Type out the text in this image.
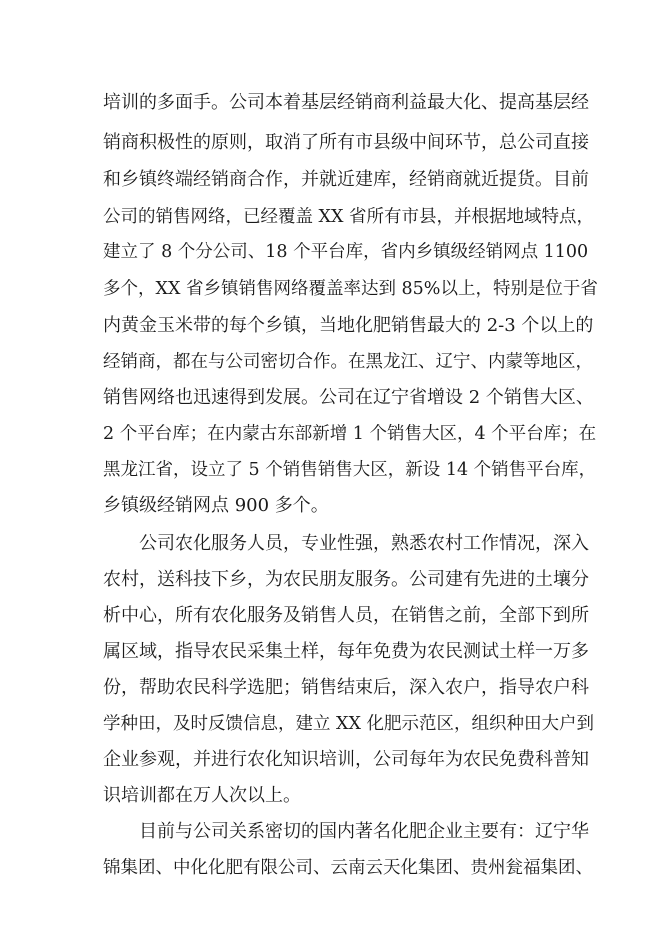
培训的多面手。公司本着基层经销商利益最大化、提高基层经
销商积极性的原则，取消了所有市县级中间环节，总公司直接
和乡镇终端经销商合作，并就近建库，经销商就近提货。目前
公司的销售网络，已经覆盖 XX 省所有市县，并根据地域特点，
建立了 8 个分公司、18 个平台库，省内乡镇级经销网点 1100
多个，XX 省乡镇销售网络覆盖率达到 85%以上，特别是位于省
内黄金玉米带的每个乡镇，当地化肥销售最大的 2-3 个以上的
经销商，都在与公司密切合作。在黑龙江、辽宁、内蒙等地区，
销售网络也迅速得到发展。公司在辽宁省增设 2 个销售大区、
2 个平台库；在内蒙古东部新增 1 个销售大区，4 个平台库；在
黑龙江省，设立了 5 个销售销售大区，新设 14 个销售平台库，
乡镇级经销网点 900 多个。
公司农化服务人员，专业性强，熟悉农村工作情况，深入
农村，送科技下乡，为农民朋友服务。公司建有先进的土壤分
析中心，所有农化服务及销售人员，在销售之前，全部下到所
属区域，指导农民采集土样，每年免费为农民测试土样一万多
份，帮助农民科学选肥；销售结束后，深入农户，指导农户科
学种田，及时反馈信息，建立 XX 化肥示范区，组织种田大户到
企业参观，并进行农化知识培训，公司每年为农民免费科普知
识培训都在万人次以上。
目前与公司关系密切的国内著名化肥企业主要有：辽宁华
锦集团、中化化肥有限公司、云南云天化集团、贵州瓮福集团、
